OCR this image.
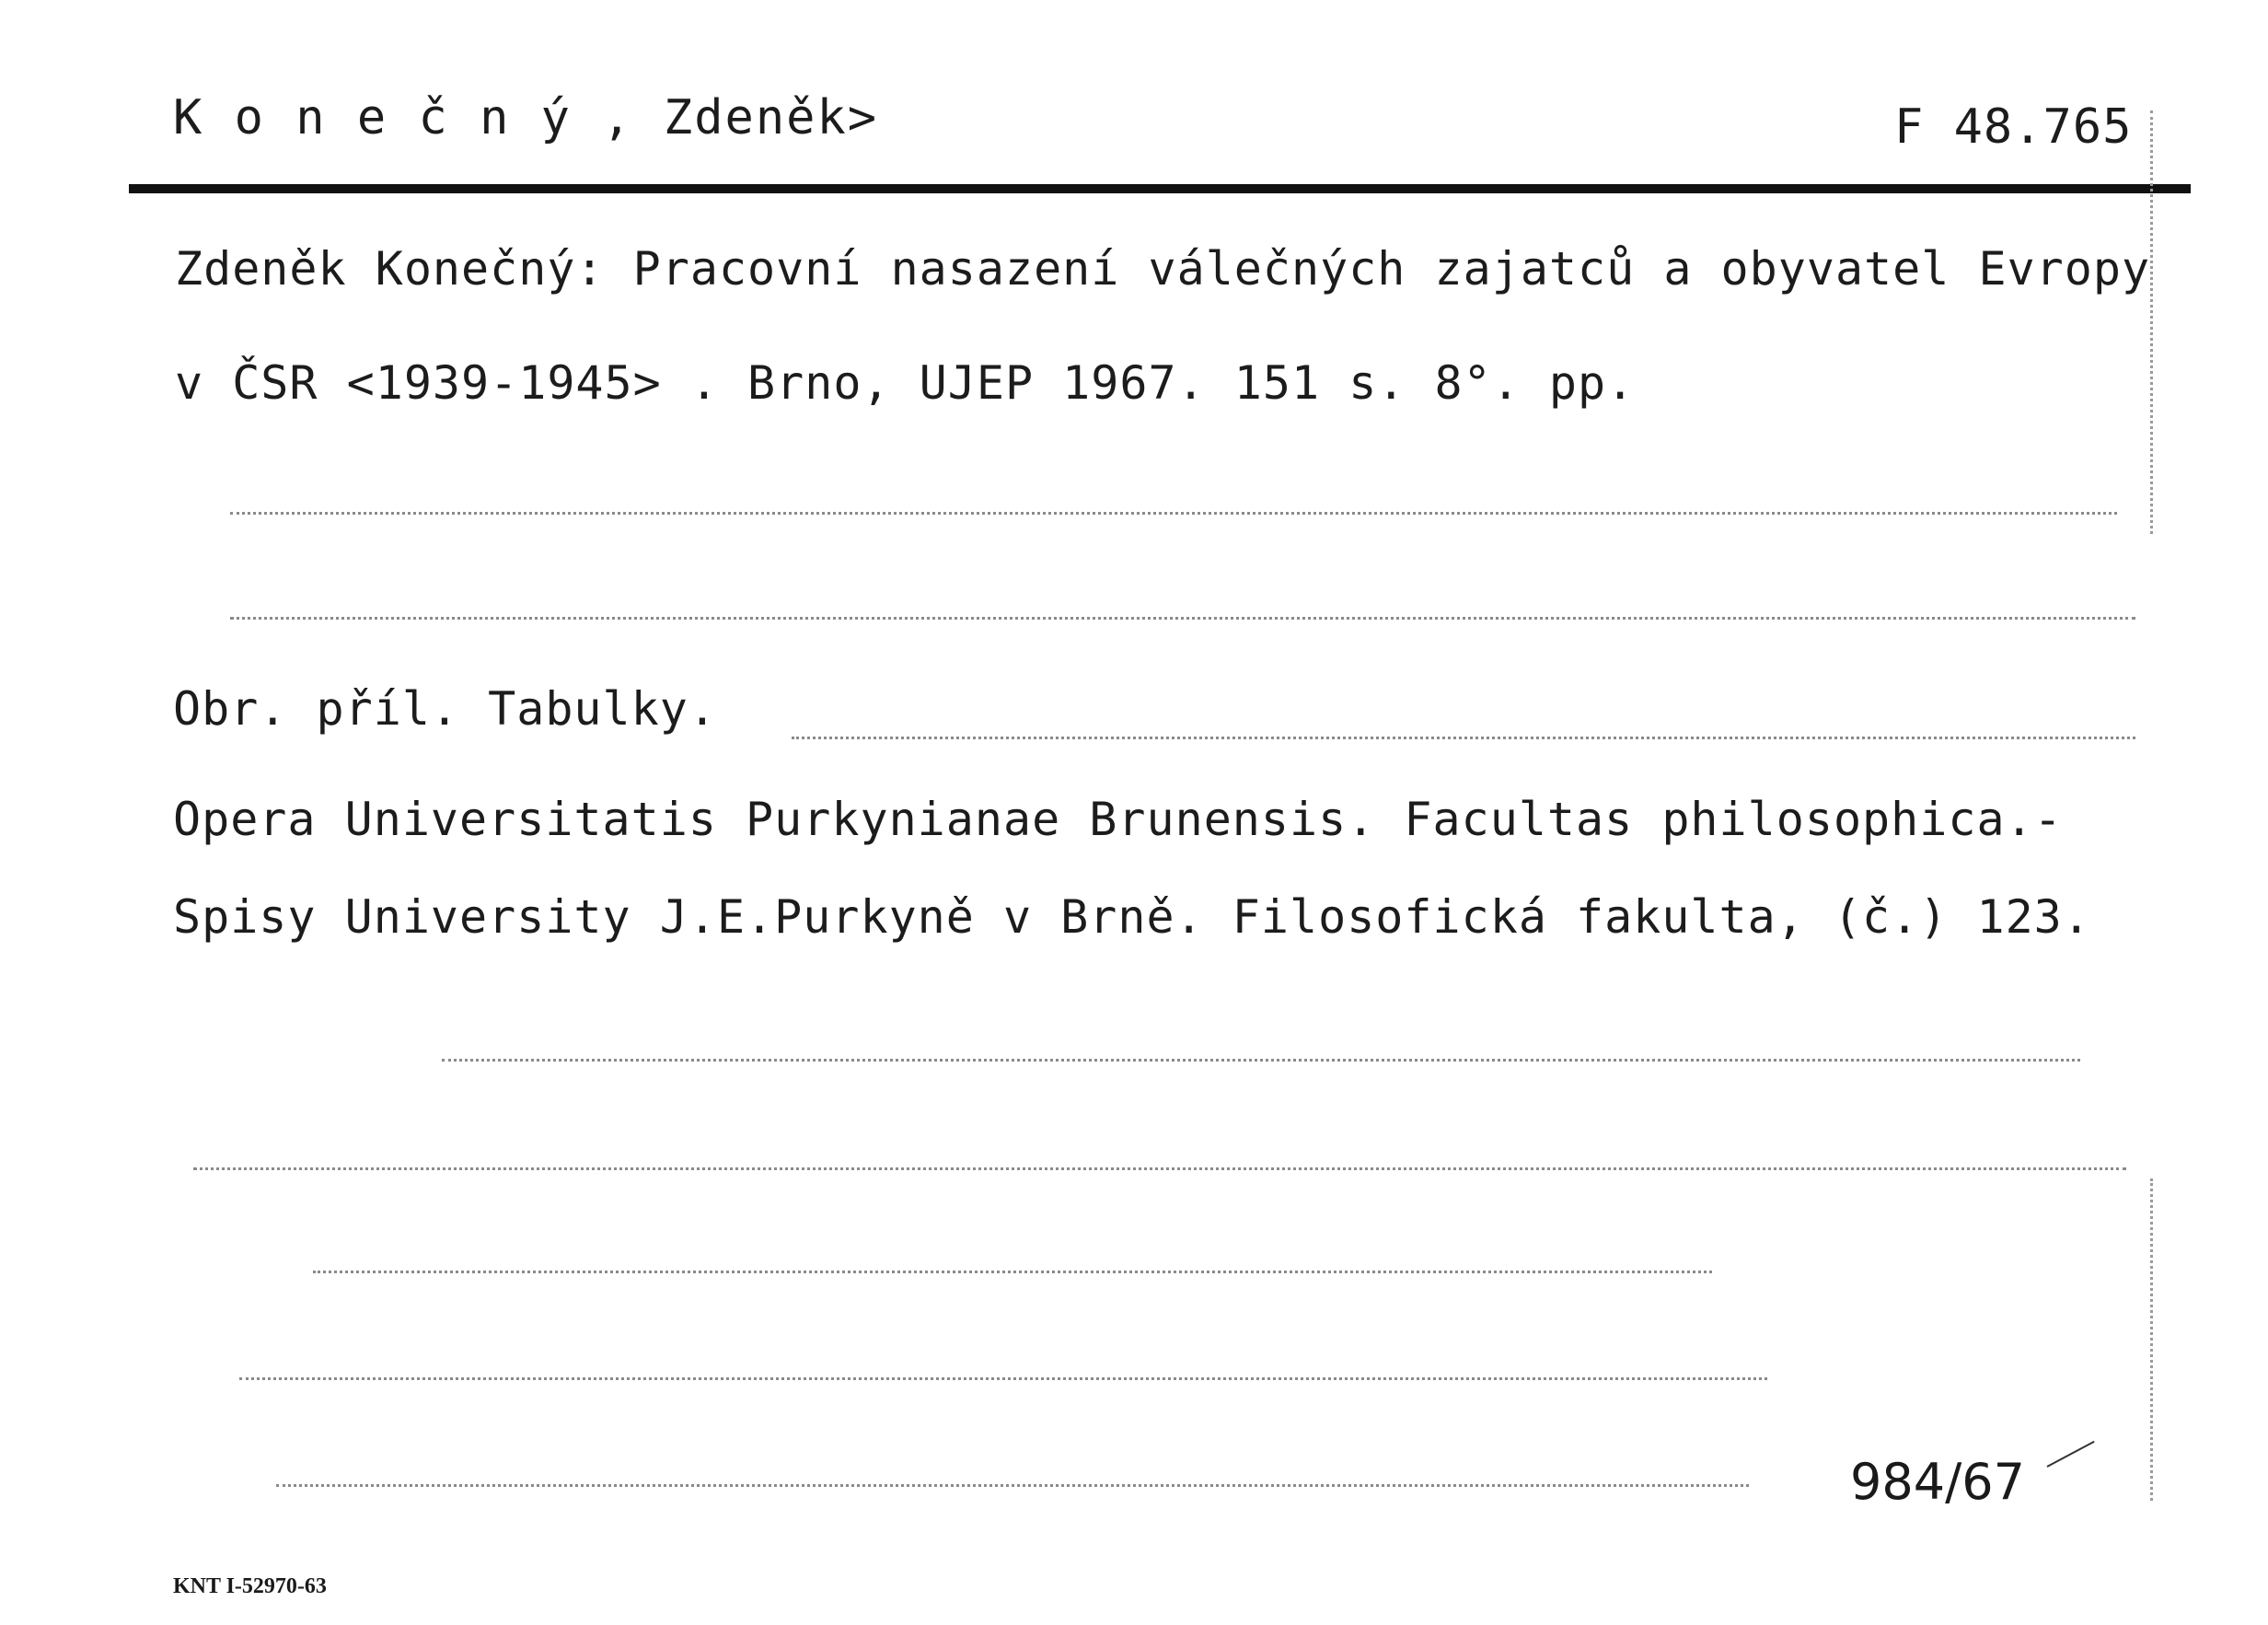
K o n e č n ý , Zdeněk>	F 48.765
Zdeněk Konečný: Pracovní nasazení válečných zajatců a obyvatel Evropy
v ČSR <1939-1945> . Brno, UJEP 1967. 151 s. 8°. pp.
Obr. příl. Tabulky.
Opera Universitatis Purkynianae Brunensis. Facultas philosophica.-
Spisy University J.E.Purkyně v Brně. Filosofická fakulta, (č.) 123.
984/67
KNT I-52970-63
